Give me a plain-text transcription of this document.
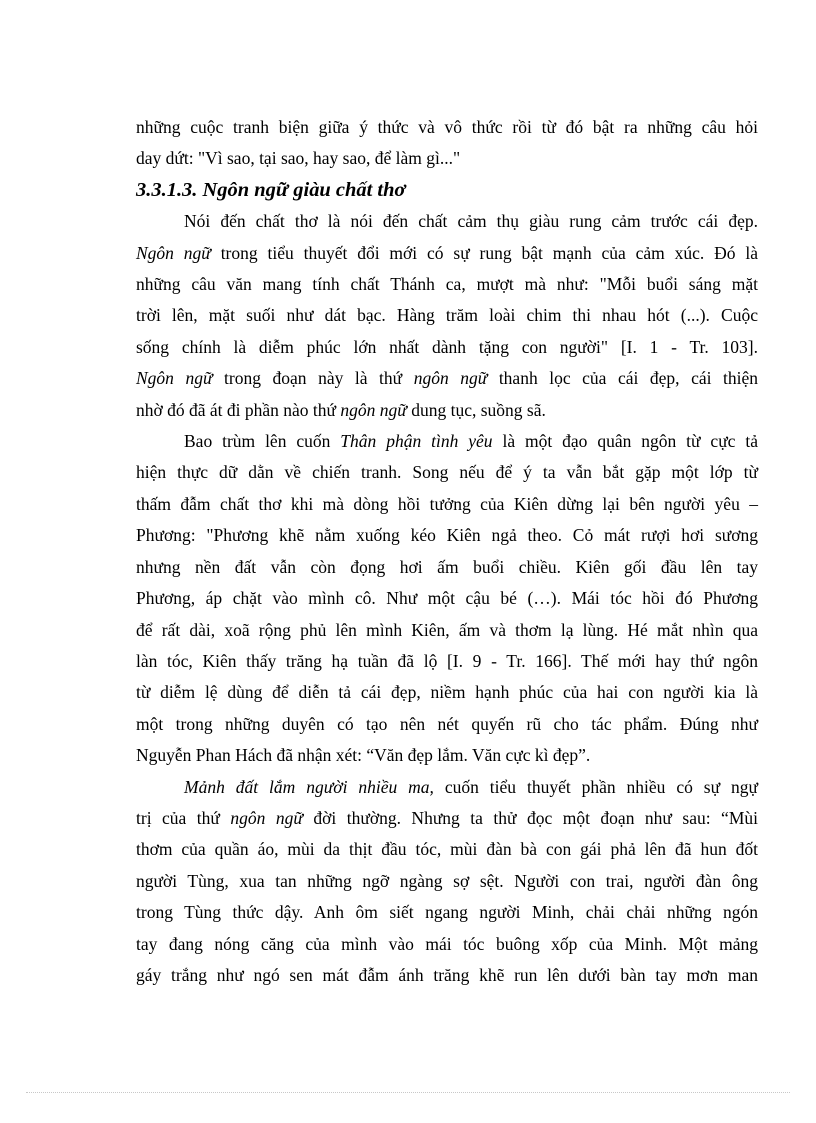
những cuộc tranh biện giữa ý thức và vô thức rồi từ đó bật ra những câu hỏi
day dứt: "Vì sao, tại sao, hay sao, để làm gì..."
3.3.1.3. Ngôn ngữ giàu chất thơ
Nói đến chất thơ là nói đến chất cảm thụ giàu rung cảm trước cái đẹp.
Ngôn ngữ trong tiểu thuyết đổi mới có sự rung bật mạnh của cảm xúc. Đó là
những câu văn mang tính chất Thánh ca, mượt mà như: "Mỗi buổi sáng mặt
trời lên, mặt suối như dát bạc. Hàng trăm loài chim thi nhau hót (...). Cuộc
sống chính là diễm phúc lớn nhất dành tặng con người" [I. 1 - Tr. 103].
Ngôn ngữ trong đoạn này là thứ ngôn ngữ thanh lọc của cái đẹp, cái thiện
nhờ đó đã át đi phần nào thứ ngôn ngữ dung tục, suồng sã.
Bao trùm lên cuốn Thân phận tình yêu là một đạo quân ngôn từ cực tả
hiện thực dữ dằn về chiến tranh. Song nếu để ý ta vẫn bắt gặp một lớp từ
thấm đẫm chất thơ khi mà dòng hồi tưởng của Kiên dừng lại bên người yêu –
Phương: "Phương khẽ nằm xuống kéo Kiên ngả theo. Cỏ mát rượi hơi sương
nhưng nền đất vẫn còn đọng hơi ấm buổi chiều. Kiên gối đầu lên tay
Phương, áp chặt vào mình cô. Như một cậu bé (…). Mái tóc hồi đó Phương
để rất dài, xoã rộng phủ lên mình Kiên, ấm và thơm lạ lùng. Hé mắt nhìn qua
làn tóc, Kiên thấy trăng hạ tuần đã lộ [I. 9 - Tr. 166]. Thế mới hay thứ ngôn
từ diễm lệ dùng để diễn tả cái đẹp, niềm hạnh phúc của hai con người kia là
một trong những duyên có tạo nên nét quyến rũ cho tác phẩm. Đúng như
Nguyễn Phan Hách đã nhận xét: “Văn đẹp lắm. Văn cực kì đẹp”.
Mảnh đất lắm người nhiều ma, cuốn tiểu thuyết phần nhiều có sự ngự
trị của thứ ngôn ngữ đời thường. Nhưng ta thử đọc một đoạn như sau: “Mùi
thơm của quần áo, mùi da thịt đầu tóc, mùi đàn bà con gái phả lên đã hun đốt
người Tùng, xua tan những ngỡ ngàng sợ sệt. Người con trai, người đàn ông
trong Tùng thức dậy. Anh ôm siết ngang người Minh, chải chải những ngón
tay đang nóng căng của mình vào mái tóc buông xốp của Minh. Một mảng
gáy trắng như ngó sen mát đẫm ánh trăng khẽ run lên dưới bàn tay mơn man
